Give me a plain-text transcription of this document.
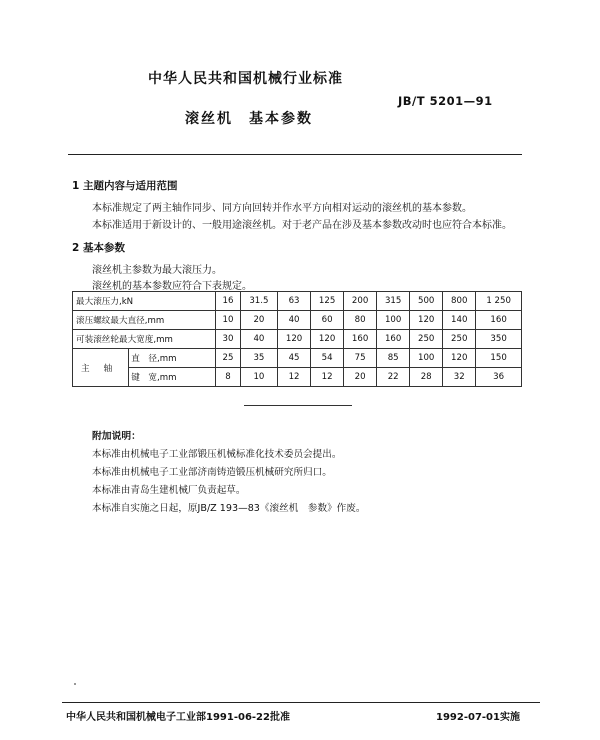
中华人民共和国机械行业标准
JB/T 5201—91
滚丝机　基本参数
1 主题内容与适用范围
本标准规定了两主轴作同步、同方向回转并作水平方向相对运动的滚丝机的基本参数。
本标准适用于新设计的、一般用途滚丝机。对于老产品在涉及基本参数改动时也应符合本标准。
2 基本参数
滚丝机主参数为最大滚压力。
滚丝机的基本参数应符合下表规定。
最大滚压力,kN		16	31.5	63	125	200	315	500	800	1 250
滚压螺纹最大直径,mm		10	20	40	60	80	100	120	140	160
可装滚丝轮最大宽度,mm		30	40	120	120	160	160	250	250	350
主轴	直　径,mm	25	35	45	54	75	85	100	120	150
	键　宽,mm	8	10	12	12	20	22	28	32	36
附加说明：
本标准由机械电子工业部锻压机械标准化技术委员会提出。
本标准由机械电子工业部济南铸造锻压机械研究所归口。
本标准由青岛生建机械厂负责起草。
本标准自实施之日起，原JB/Z 193—83《滚丝机　参数》作废。
中华人民共和国机械电子工业部1991-06-22批准	1992-07-01实施
